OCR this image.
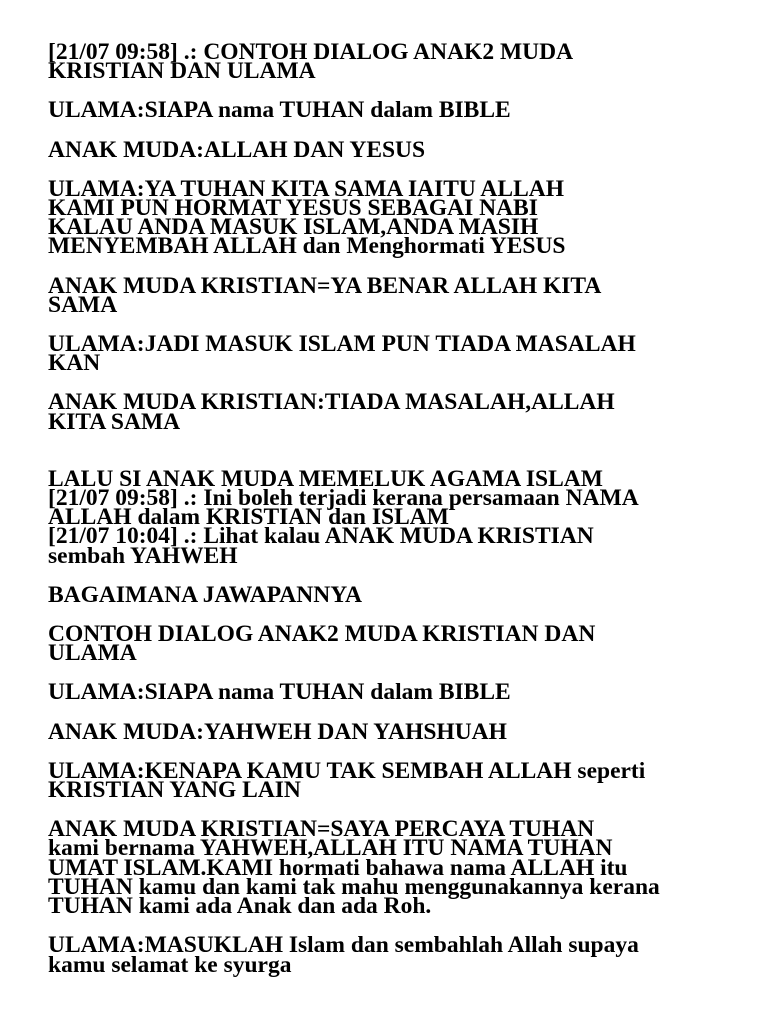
[21/07 09:58] .: CONTOH DIALOG ANAK2 MUDA
KRISTIAN DAN ULAMA

ULAMA:SIAPA nama TUHAN dalam BIBLE

ANAK MUDA:ALLAH DAN YESUS

ULAMA:YA TUHAN KITA SAMA IAITU ALLAH
KAMI PUN HORMAT YESUS SEBAGAI NABI
KALAU ANDA MASUK ISLAM,ANDA MASIH
MENYEMBAH ALLAH dan Menghormati YESUS

ANAK MUDA KRISTIAN=YA BENAR ALLAH KITA
SAMA

ULAMA:JADI MASUK ISLAM PUN TIADA MASALAH
KAN

ANAK MUDA KRISTIAN:TIADA MASALAH,ALLAH
KITA SAMA

LALU SI ANAK MUDA MEMELUK AGAMA ISLAM
[21/07 09:58] .: Ini boleh terjadi kerana persamaan NAMA
ALLAH dalam KRISTIAN dan ISLAM
[21/07 10:04] .: Lihat kalau ANAK MUDA KRISTIAN
sembah YAHWEH

BAGAIMANA JAWAPANNYA

CONTOH DIALOG ANAK2 MUDA KRISTIAN DAN
ULAMA

ULAMA:SIAPA nama TUHAN dalam BIBLE

ANAK MUDA:YAHWEH DAN YAHSHUAH

ULAMA:KENAPA KAMU TAK SEMBAH ALLAH seperti
KRISTIAN YANG LAIN

ANAK MUDA KRISTIAN=SAYA PERCAYA TUHAN
kami bernama YAHWEH,ALLAH ITU NAMA TUHAN
UMAT ISLAM.KAMI hormati bahawa nama ALLAH itu
TUHAN kamu dan kami tak mahu menggunakannya kerana
TUHAN kami ada Anak dan ada Roh.

ULAMA:MASUKLAH Islam dan sembahlah Allah supaya
kamu selamat ke syurga
